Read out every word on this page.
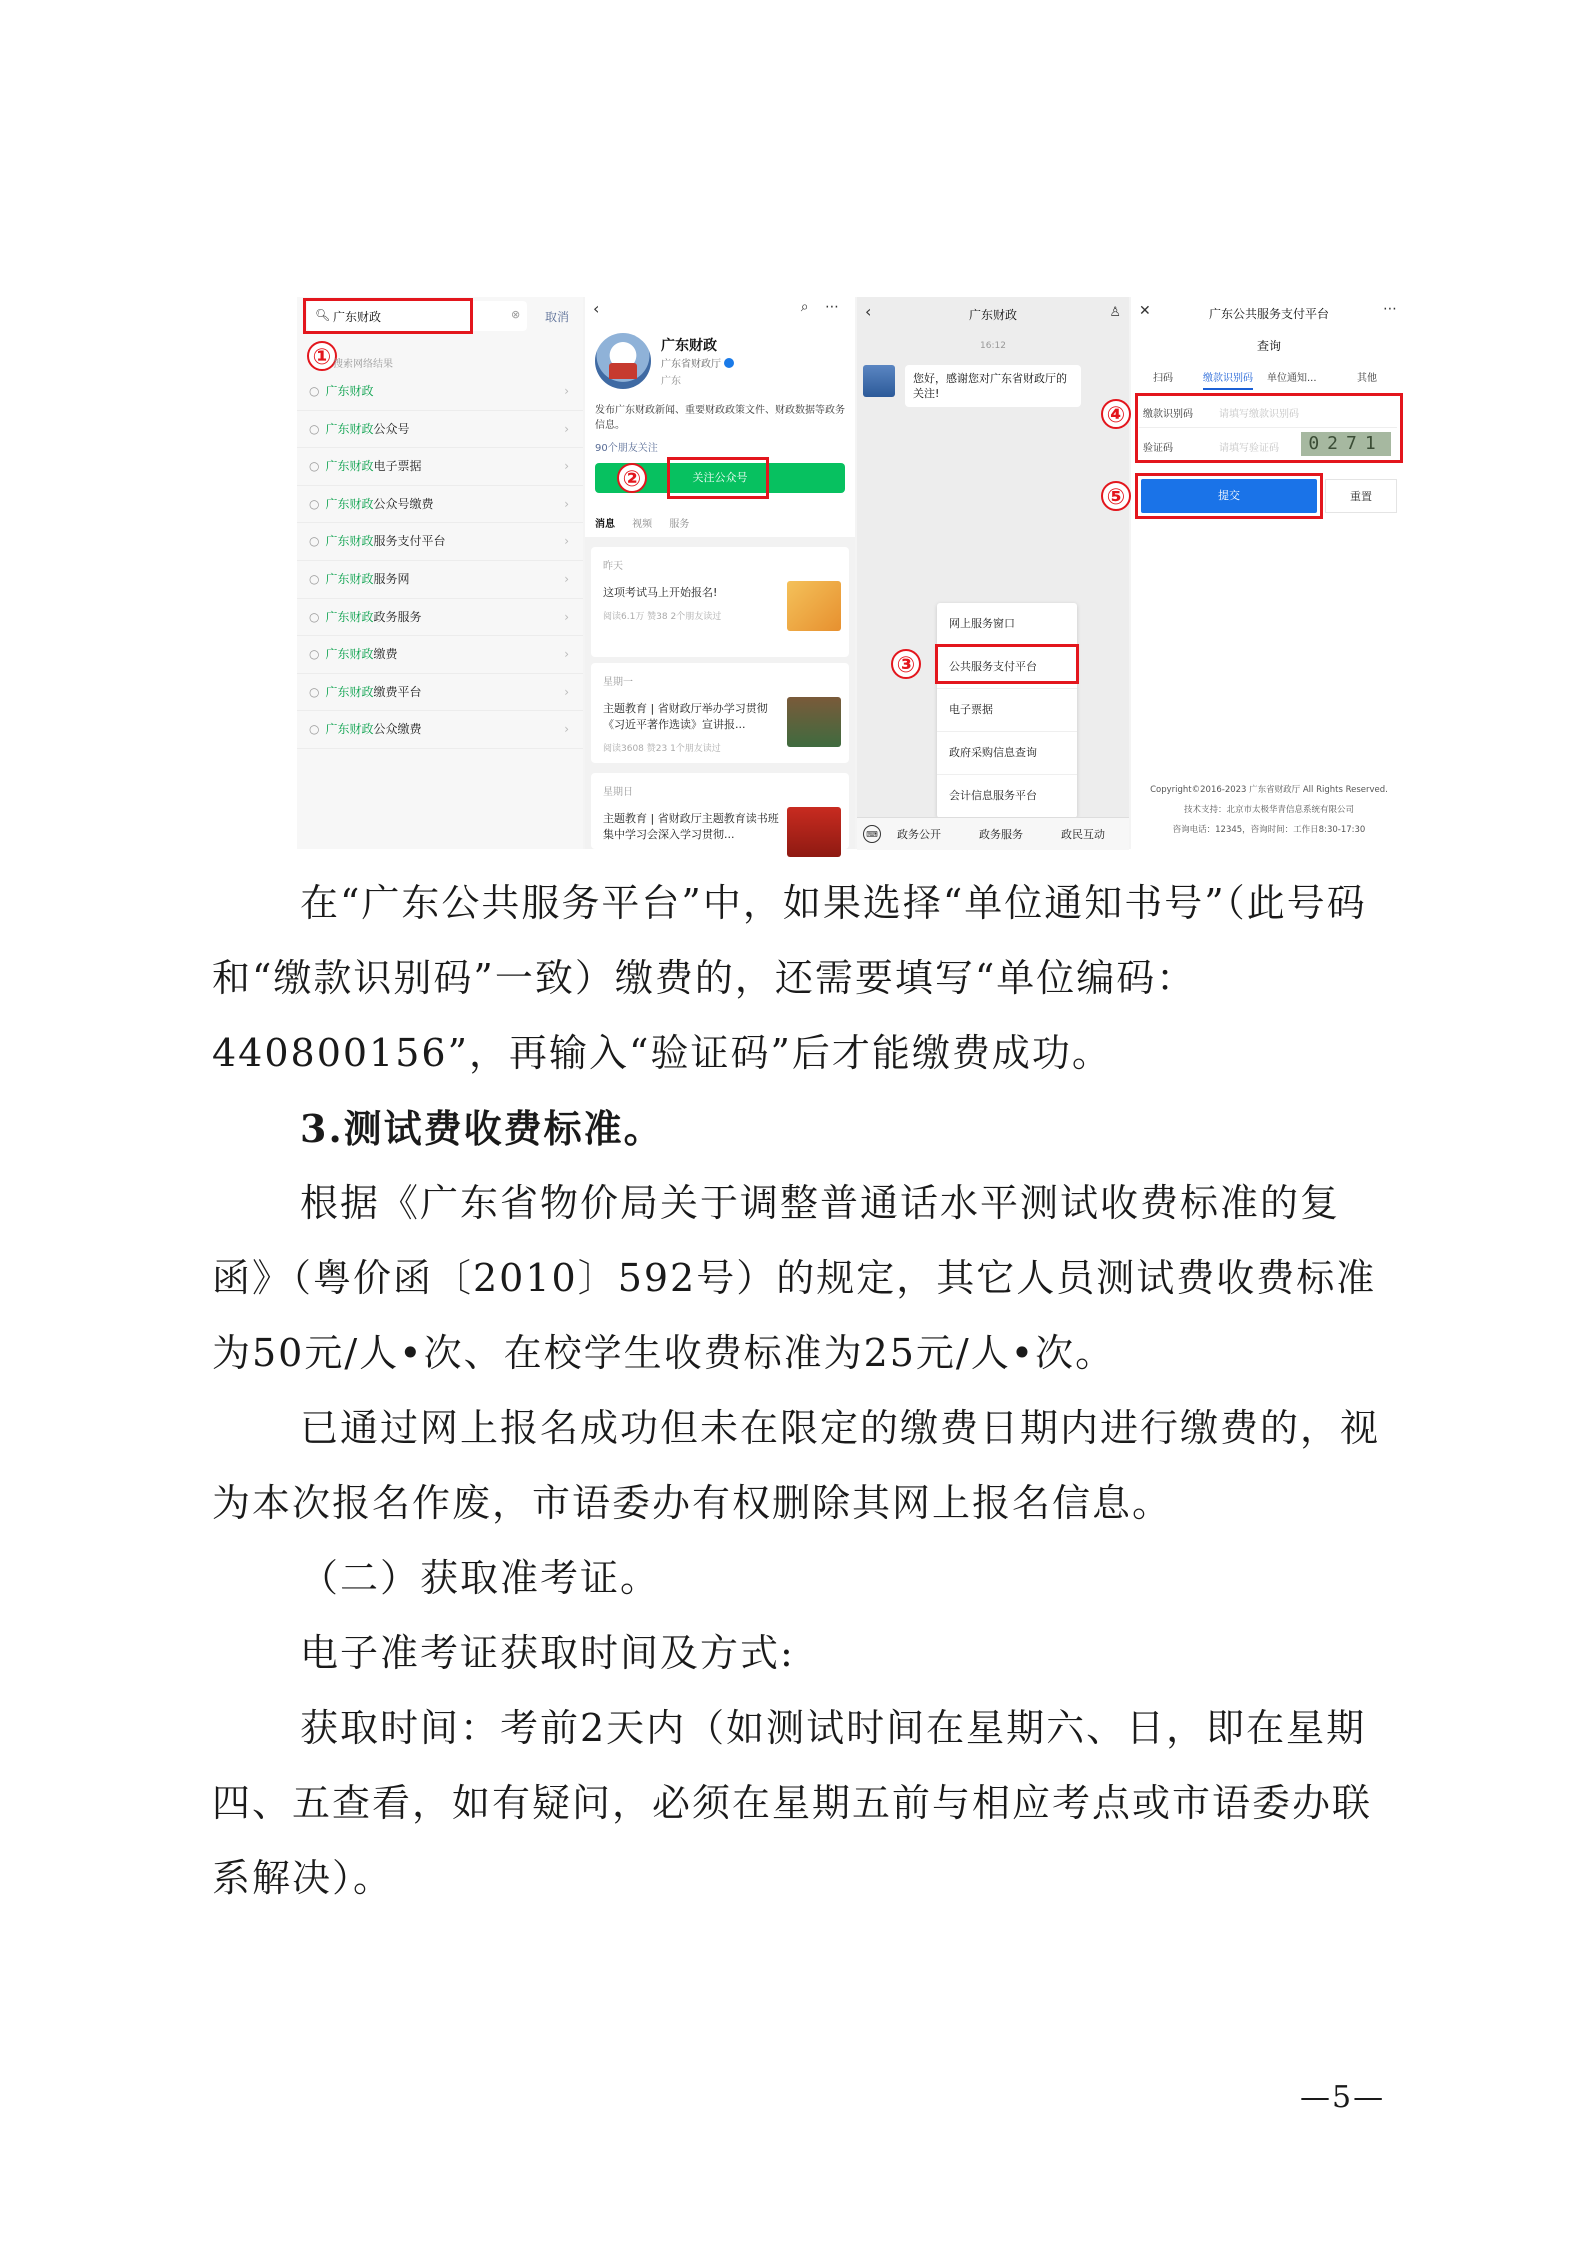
🔍︎ 广东财政	⊗ 取消
① 搜索网络结果
○ 广东财政	›
○ 广东财政公众号	›
○ 广东财政电子票据	›
○ 广东财政公众号缴费	›
○ 广东财政服务支付平台	›
○ 广东财政服务网	›
○ 广东财政政务服务	›
○ 广东财政缴费	›
○ 广东财政缴费平台	›
○ 广东财政公众缴费	›
‹	⌕ ⋯
广东财政
广东省财政厅
广东
发布广东财政新闻、重要财政政策文件、财政数据等政务信息。
90个朋友关注
关注公众号
②
消息 视频 服务
昨天
这项考试马上开始报名!
阅读6.1万 赞38 2个朋友读过
星期一
主题教育 | 省财政厅举办学习贯彻《习近平著作选读》宣讲报...
阅读3608 赞23 1个朋友读过
星期日
主题教育 | 省财政厅主题教育读书班集中学习会深入学习贯彻...
‹	广东财政	♙
16:12
您好，感谢您对广东省财政厅的关注!
网上服务窗口
公共服务支付平台
电子票据
政府采购信息查询
会计信息服务平台
③
⌨ 政务公开	政务服务	政民互动
✕	广东公共服务支付平台	⋯
查询
扫码	缴款识别码 单位通知...	其他
缴款识别码	请填写缴款识别码
验证码	请填写验证码	0271
④
提交	重置
⑤
Copyright©2016-2023 广东省财政厅 All Rights Reserved.
技术支持：北京市太极华青信息系统有限公司
咨询电话：12345，咨询时间：工作日8:30-17:30

在“广东公共服务平台”中，如果选择“单位通知书号”（此号码和“缴款识别码”一致）缴费的，还需要填写“单位编码：440800156”，再输入“验证码”后才能缴费成功。

3.测试费收费标准。

根据《广东省物价局关于调整普通话水平测试收费标准的复函》（粤价函〔2010〕592号）的规定，其它人员测试费收费标准为50元/人•次、在校学生收费标准为25元/人•次。

已通过网上报名成功但未在限定的缴费日期内进行缴费的，视为本次报名作废，市语委办有权删除其网上报名信息。

（二）获取准考证。

电子准考证获取时间及方式:

获取时间：考前2天内（如测试时间在星期六、日，即在星期四、五查看，如有疑问，必须在星期五前与相应考点或市语委办联系解决）。

—5—
